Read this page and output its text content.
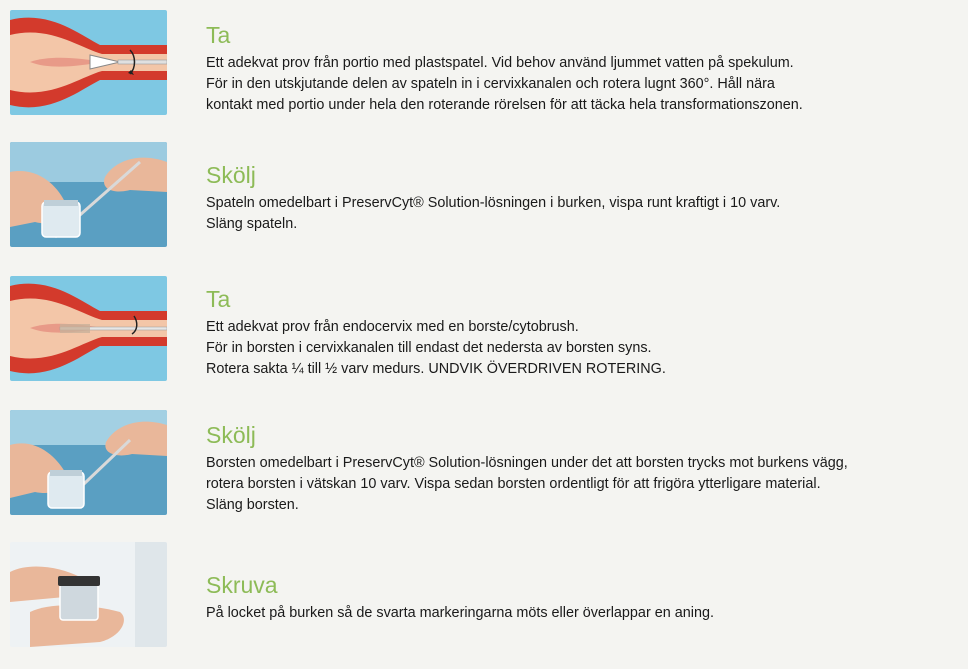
Ta

Ett adekvat prov från portio med plastspatel. Vid behov använd ljummet vatten på spekulum.

För in den utskjutande delen av spateln in i cervixkanalen och rotera lugnt 360°. Håll nära

kontakt med portio under hela den roterande rörelsen för att täcka hela transformationszonen.

Skölj

Spateln omedelbart i PreservCyt® Solution-lösningen i burken, vispa runt kraftigt i 10 varv.

Släng spateln.

Ta

Ett adekvat prov från endocervix med en borste/cytobrush.

För in borsten i cervixkanalen till endast det nedersta av borsten syns.

Rotera sakta ¼ till ½ varv medurs. UNDVIK ÖVERDRIVEN ROTERING.

Skölj

Borsten omedelbart i PreservCyt® Solution-lösningen under det att borsten trycks mot burkens vägg,

rotera borsten i vätskan 10 varv. Vispa sedan borsten ordentligt för att frigöra ytterligare material.

Släng borsten.

Skruva

På locket på burken så de svarta markeringarna möts eller överlappar en aning.
